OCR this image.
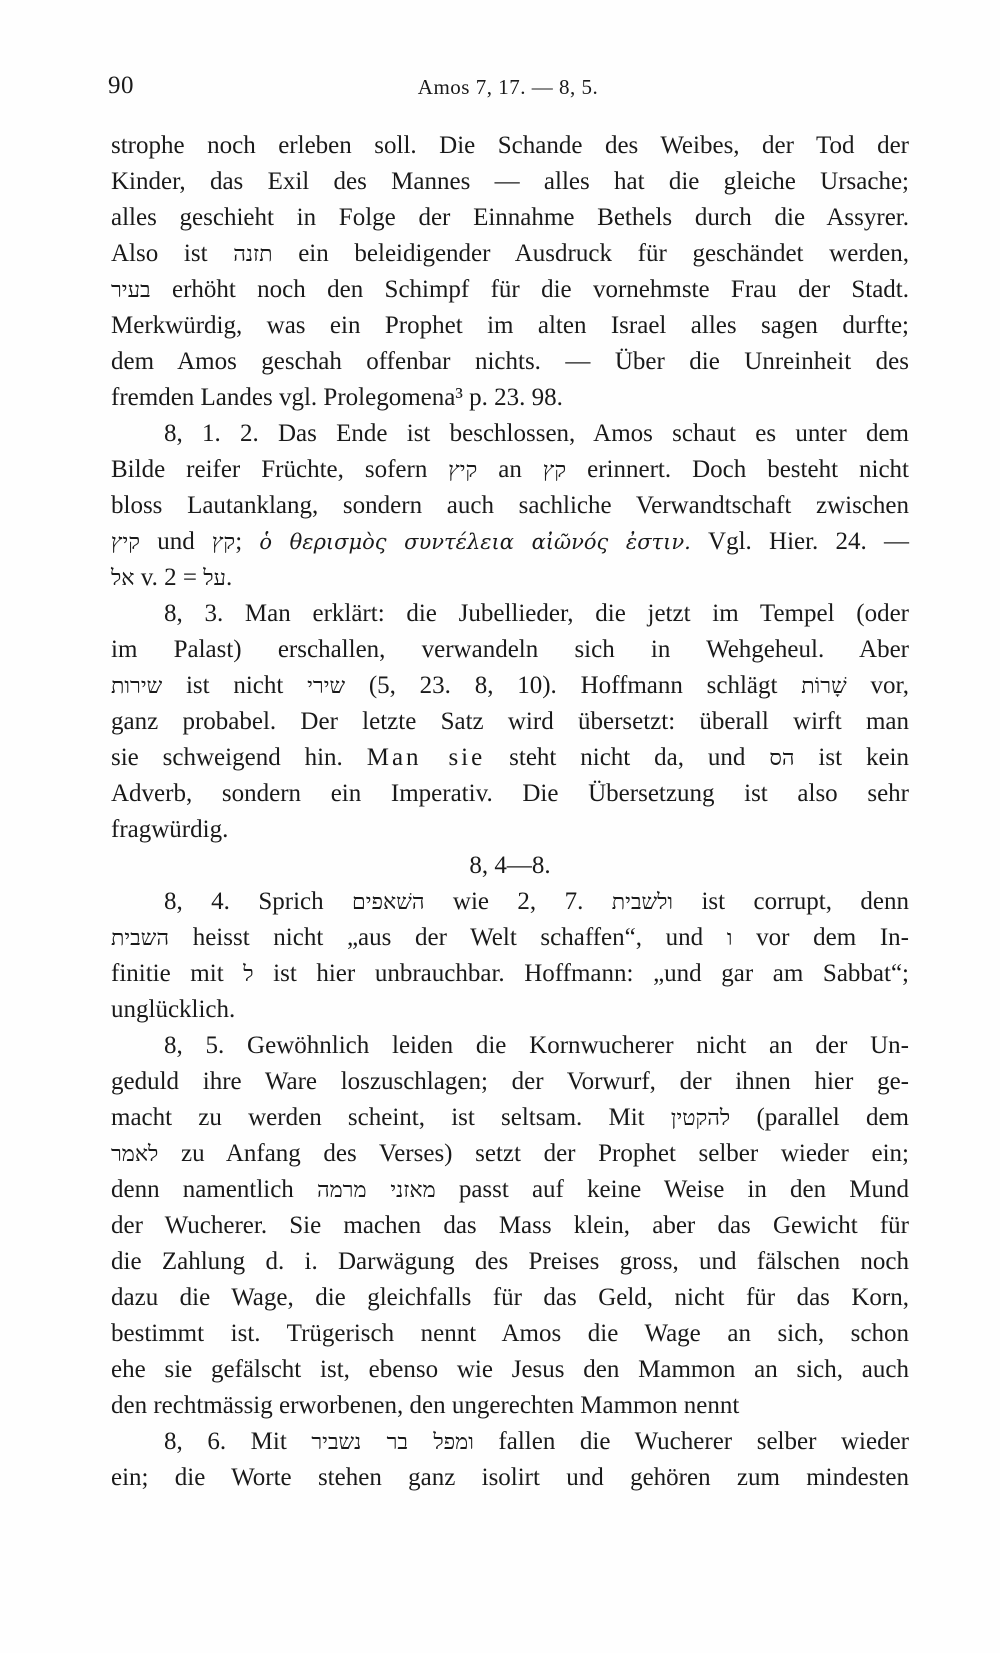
90	Amos 7, 17. — 8, 5.
strophe noch erleben soll. Die Schande des Weibes, der Tod der
Kinder, das Exil des Mannes — alles hat die gleiche Ursache;
alles geschieht in Folge der Einnahme Bethels durch die Assyrer.
Also ist תזנה ein beleidigender Ausdruck für geschändet werden,
בעיר erhöht noch den Schimpf für die vornehmste Frau der Stadt.
Merkwürdig, was ein Prophet im alten Israel alles sagen durfte;
dem Amos geschah offenbar nichts. — Über die Unreinheit des
fremden Landes vgl. Prolegomena³ p. 23. 98.
8, 1. 2. Das Ende ist beschlossen, Amos schaut es unter dem
Bilde reifer Früchte, sofern קיץ an קץ erinnert. Doch besteht nicht
bloss Lautanklang, sondern auch sachliche Verwandtschaft zwischen
קיץ und קץ; ὁ θερισμὸς συντέλεια αἰῶνός ἐστιν. Vgl. Hier. 24. —
אל v. 2 = על.
8, 3. Man erklärt: die Jubellieder, die jetzt im Tempel (oder
im Palast) erschallen, verwandeln sich in Wehgeheul. Aber
שירות ist nicht שירי (5, 23. 8, 10). Hoffmann schlägt שָׁרוֹת vor,
ganz probabel. Der letzte Satz wird übersetzt: überall wirft man
sie schweigend hin. Man sie steht nicht da, und הס ist kein
Adverb, sondern ein Imperativ. Die Übersetzung ist also sehr
fragwürdig.
8, 4—8.
8, 4. Sprich השׁאפים wie 2, 7. ולשבית ist corrupt, denn
השבית heisst nicht „aus der Welt schaffen“, und ו vor dem In-
finitie mit ל ist hier unbrauchbar. Hoffmann: „und gar am Sabbat“;
unglücklich.
8, 5. Gewöhnlich leiden die Kornwucherer nicht an der Un-
geduld ihre Ware loszuschlagen; der Vorwurf, der ihnen hier ge-
macht zu werden scheint, ist seltsam. Mit להקטין (parallel dem
לאמר zu Anfang des Verses) setzt der Prophet selber wieder ein;
denn namentlich מאזני מרמה passt auf keine Weise in den Mund
der Wucherer. Sie machen das Mass klein, aber das Gewicht für
die Zahlung d. i. Darwägung des Preises gross, und fälschen noch
dazu die Wage, die gleichfalls für das Geld, nicht für das Korn,
bestimmt ist. Trügerisch nennt Amos die Wage an sich, schon
ehe sie gefälscht ist, ebenso wie Jesus den Mammon an sich, auch
den rechtmässig erworbenen, den ungerechten Mammon nennt
8, 6. Mit ומפל בר נשביר fallen die Wucherer selber wieder
ein; die Worte stehen ganz isolirt und gehören zum mindesten
